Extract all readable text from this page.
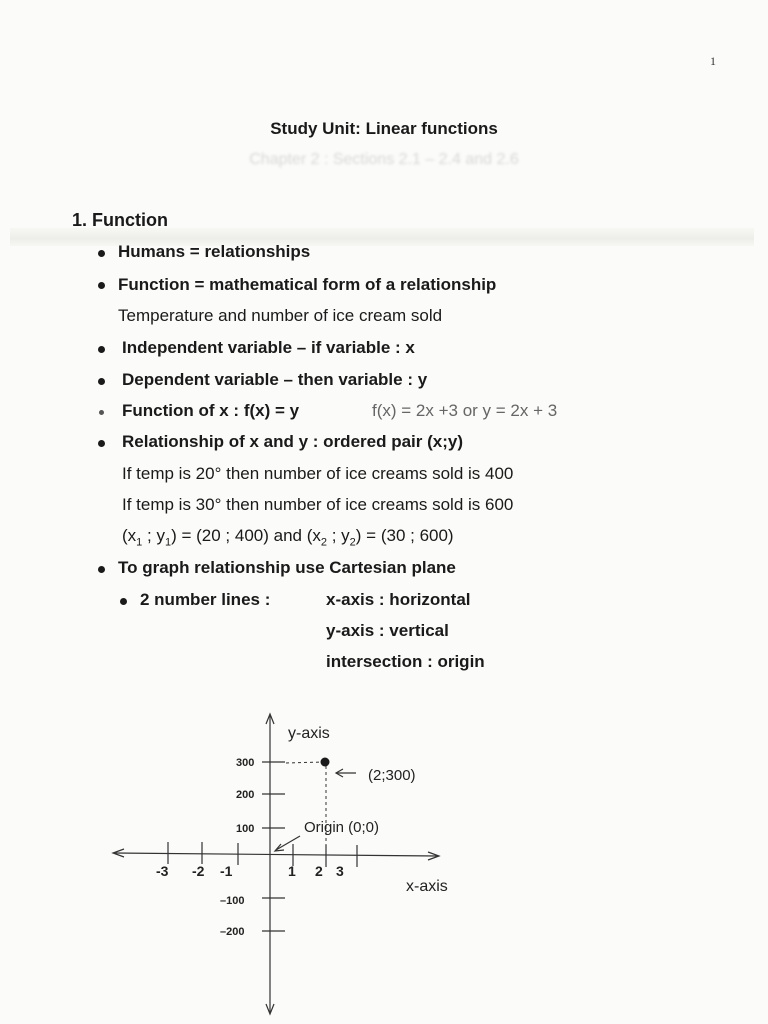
1
Study Unit: Linear functions
Chapter 2 : Sections 2.1 – 2.4 and 2.6
1. Function
Humans = relationships
Function = mathematical form of a relationship
Temperature and number of ice cream sold
Independent variable – if variable : x
Dependent variable – then variable : y
Function of x : f(x) = y	f(x) = 2x +3 or y = 2x + 3
Relationship of x and y : ordered pair (x;y)
If temp is 20° then number of ice creams sold is 400
If temp is 30° then number of ice creams sold is 600
($x_1$ ; $y_1) = (20$ ; 400) and ($x_2$ ; $y_2) = (30$ ; 600)
To graph relationship use Cartesian plane
2 number lines :	x-axis : horizontal
y-axis : vertical
intersection : origin
y-axis
x-axis
(2;300)
Origin (0;0)
300
200
100
–100
–200
-3 -2 -1	1 2 3
